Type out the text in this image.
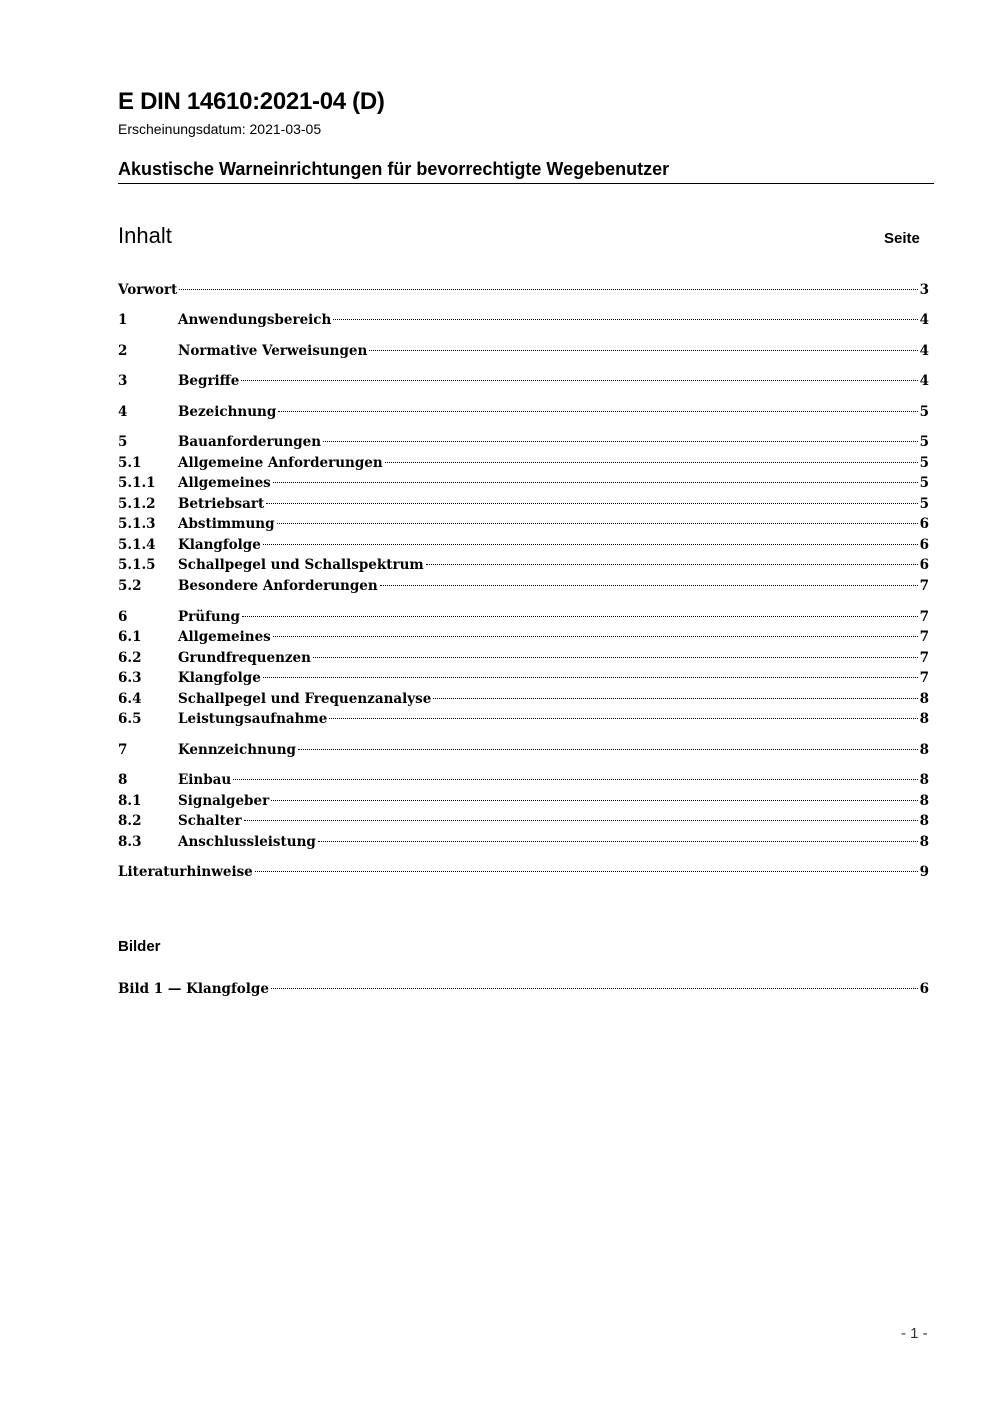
E DIN 14610:2021-04 (D)
Erscheinungsdatum: 2021-03-05
Akustische Warneinrichtungen für bevorrechtigte Wegebenutzer
Inhalt	Seite
Vorwort	3
1	Anwendungsbereich	4
2	Normative Verweisungen	4
3	Begriffe	4
4	Bezeichnung	5
5	Bauanforderungen	5
5.1	Allgemeine Anforderungen	5
5.1.1	Allgemeines	5
5.1.2	Betriebsart	5
5.1.3	Abstimmung	6
5.1.4	Klangfolge	6
5.1.5	Schallpegel und Schallspektrum	6
5.2	Besondere Anforderungen	7
6	Prüfung	7
6.1	Allgemeines	7
6.2	Grundfrequenzen	7
6.3	Klangfolge	7
6.4	Schallpegel und Frequenzanalyse	8
6.5	Leistungsaufnahme	8
7	Kennzeichnung	8
8	Einbau	8
8.1	Signalgeber	8
8.2	Schalter	8
8.3	Anschlussleistung	8
Literaturhinweise	9
Bilder
Bild 1 — Klangfolge	6
- 1 -
